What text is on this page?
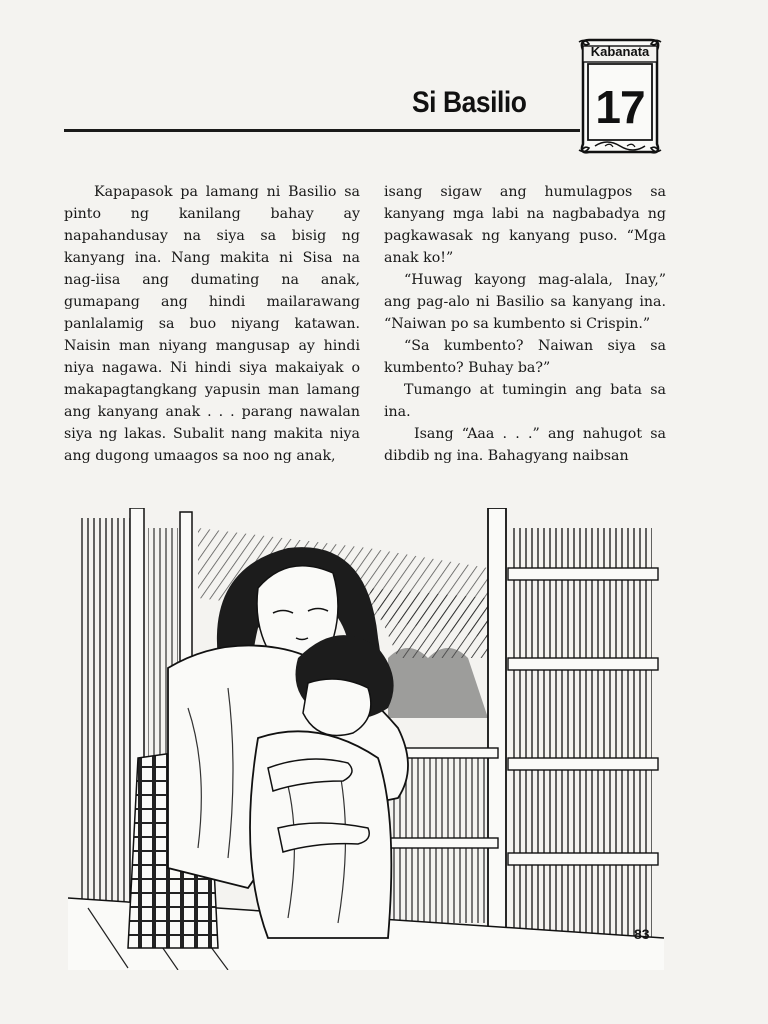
Si Basilio
Kabanata
17

Kapapasok pa lamang ni Basilio sa pinto ng kanilang bahay ay napahandusay na siya sa bisig ng kanyang ina. Nang makita ni Sisa na nag-iisa ang dumating na anak, gumapang ang hindi mailarawang panlalamig sa buo niyang katawan. Naisin man niyang mangusap ay hindi niya nagawa. Ni hindi siya makaiyak o makapagtangkang yapusin man lamang ang kanyang anak . . . parang nawalan siya ng lakas. Subalit nang makita niya ang dugong umaagos sa noo ng anak,

isang sigaw ang humulagpos sa kanyang mga labi na nagbabadya ng pagkawasak ng kanyang puso. “Mga anak ko!”

“Huwag kayong mag-alala, Inay,” ang pag-alo ni Basilio sa kanyang ina. “Naiwan po sa kumbento si Crispin.”

“Sa kumbento? Naiwan siya sa kumbento? Buhay ba?”

Tumango at tumingin ang bata sa ina.

Isang “Aaa . . .” ang nahugot sa dibdib ng ina. Bahagyang naibsan

83
